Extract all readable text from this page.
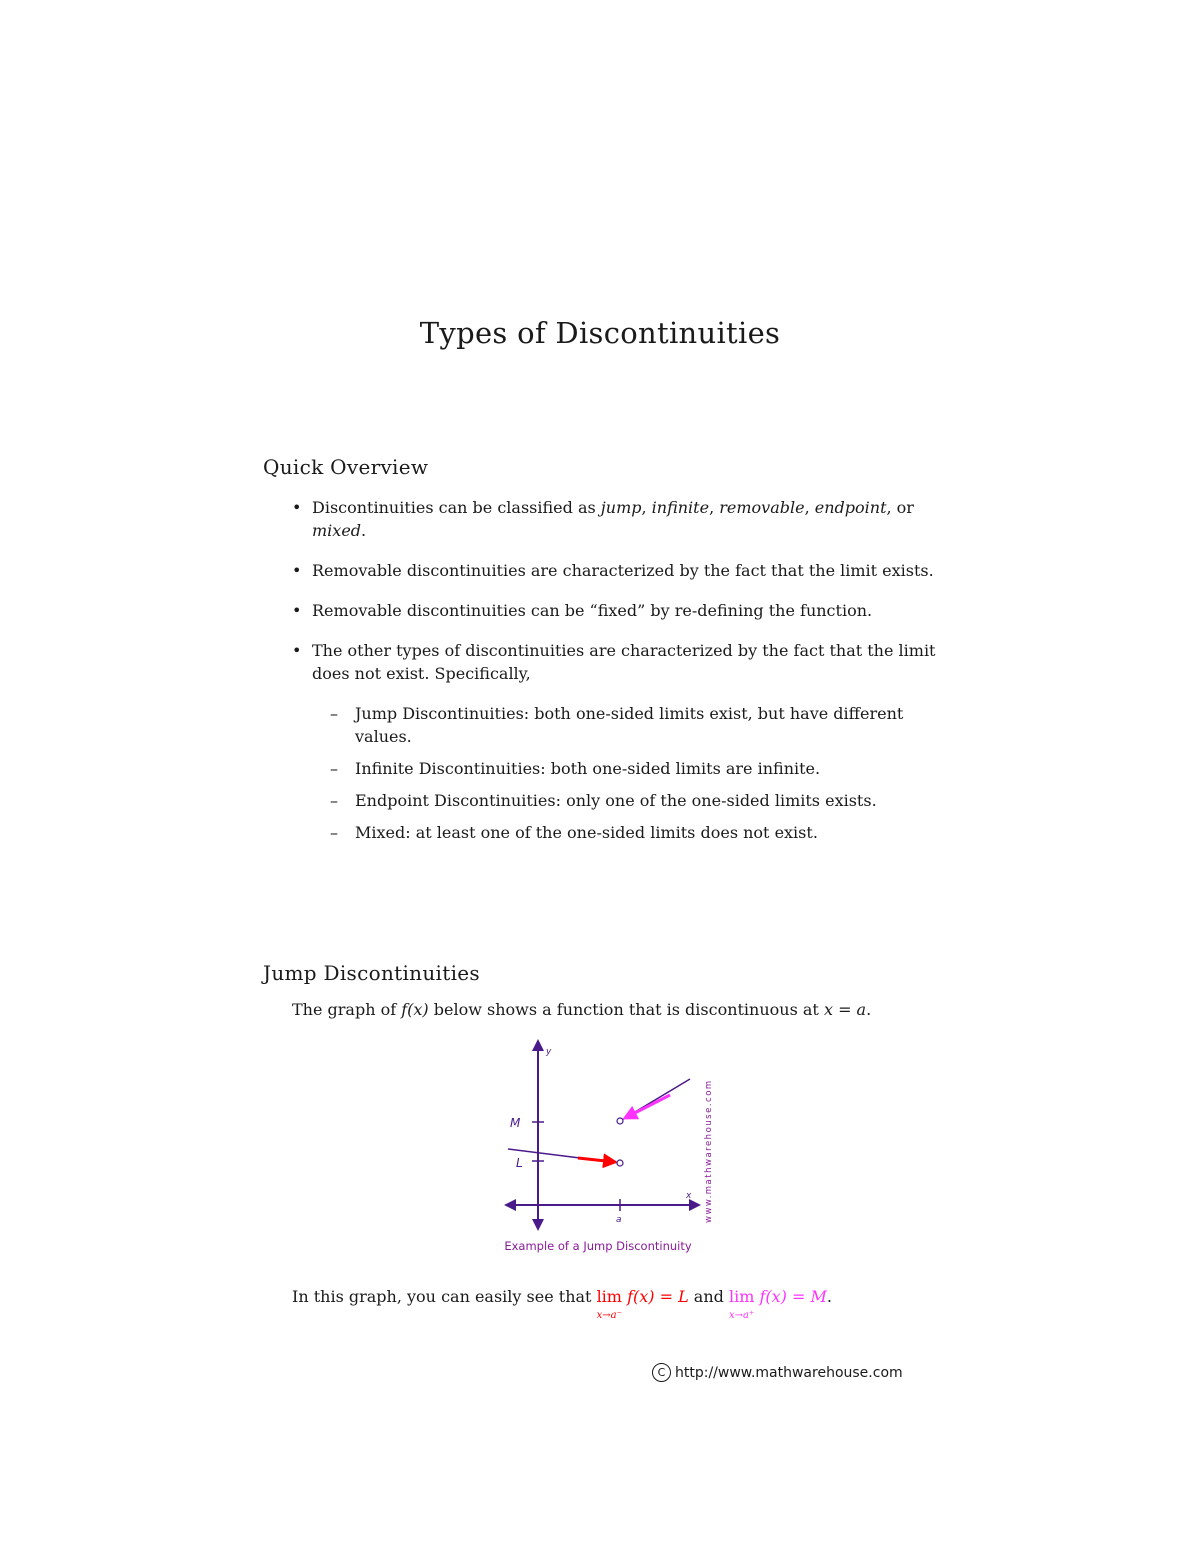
Types of Discontinuities
Quick Overview
• Discontinuities can be classified as jump, infinite, removable, endpoint, or mixed.
• Removable discontinuities are characterized by the fact that the limit exists.
• Removable discontinuities can be “fixed” by re-defining the function.
• The other types of discontinuities are characterized by the fact that the limit does not exist. Specifically,
– Jump Discontinuities: both one-sided limits exist, but have different values.
– Infinite Discontinuities: both one-sided limits are infinite.
– Endpoint Discontinuities: only one of the one-sided limits exists.
– Mixed: at least one of the one-sided limits does not exist.
Jump Discontinuities
The graph of f(x) below shows a function that is discontinuous at x = a.
y
x
M
L
a	www.mathwarehouse.com
Example of a Jump Discontinuity
In this graph, you can easily see that lim
x→a⁻
f(x) = L and lim
x→a⁺
f(x) = M.
C http://www.mathwarehouse.com
